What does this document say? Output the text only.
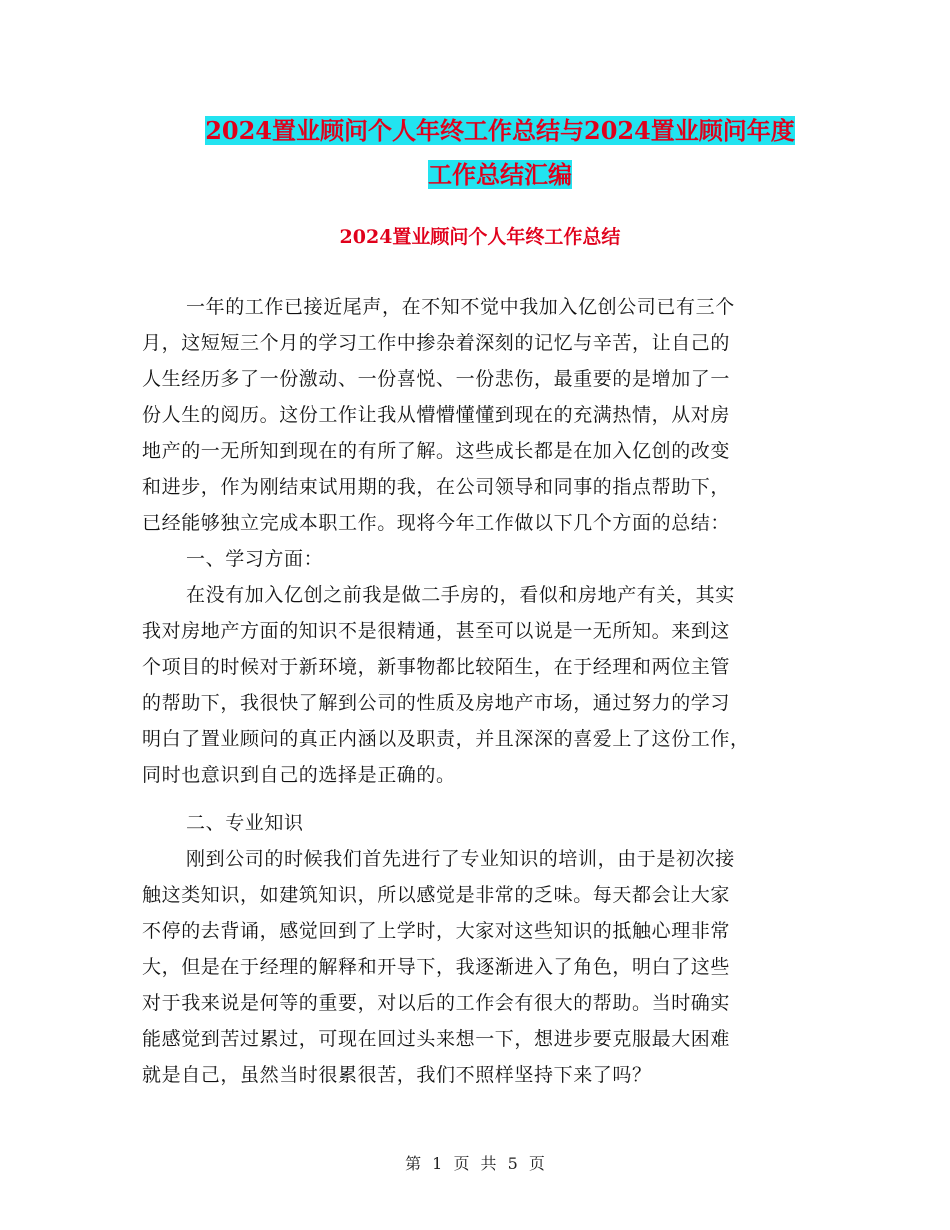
2024置业顾问个人年终工作总结与2024置业顾问年度
工作总结汇编
2024置业顾问个人年终工作总结
一年的工作已接近尾声，在不知不觉中我加入亿创公司已有三个
月，这短短三个月的学习工作中掺杂着深刻的记忆与辛苦，让自己的
人生经历多了一份激动、一份喜悦、一份悲伤，最重要的是增加了一
份人生的阅历。这份工作让我从懵懵懂懂到现在的充满热情，从对房
地产的一无所知到现在的有所了解。这些成长都是在加入亿创的改变
和进步，作为刚结束试用期的我，在公司领导和同事的指点帮助下，
已经能够独立完成本职工作。现将今年工作做以下几个方面的总结：
一、学习方面：
在没有加入亿创之前我是做二手房的，看似和房地产有关，其实
我对房地产方面的知识不是很精通，甚至可以说是一无所知。来到这
个项目的时候对于新环境，新事物都比较陌生，在于经理和两位主管
的帮助下，我很快了解到公司的性质及房地产市场，通过努力的学习
明白了置业顾问的真正内涵以及职责，并且深深的喜爱上了这份工作，
同时也意识到自己的选择是正确的。
二、专业知识
刚到公司的时候我们首先进行了专业知识的培训，由于是初次接
触这类知识，如建筑知识，所以感觉是非常的乏味。每天都会让大家
不停的去背诵，感觉回到了上学时，大家对这些知识的抵触心理非常
大，但是在于经理的解释和开导下，我逐渐进入了角色，明白了这些
对于我来说是何等的重要，对以后的工作会有很大的帮助。当时确实
能感觉到苦过累过，可现在回过头来想一下，想进步要克服最大困难
就是自己，虽然当时很累很苦，我们不照样坚持下来了吗？
第 1 页 共 5 页
